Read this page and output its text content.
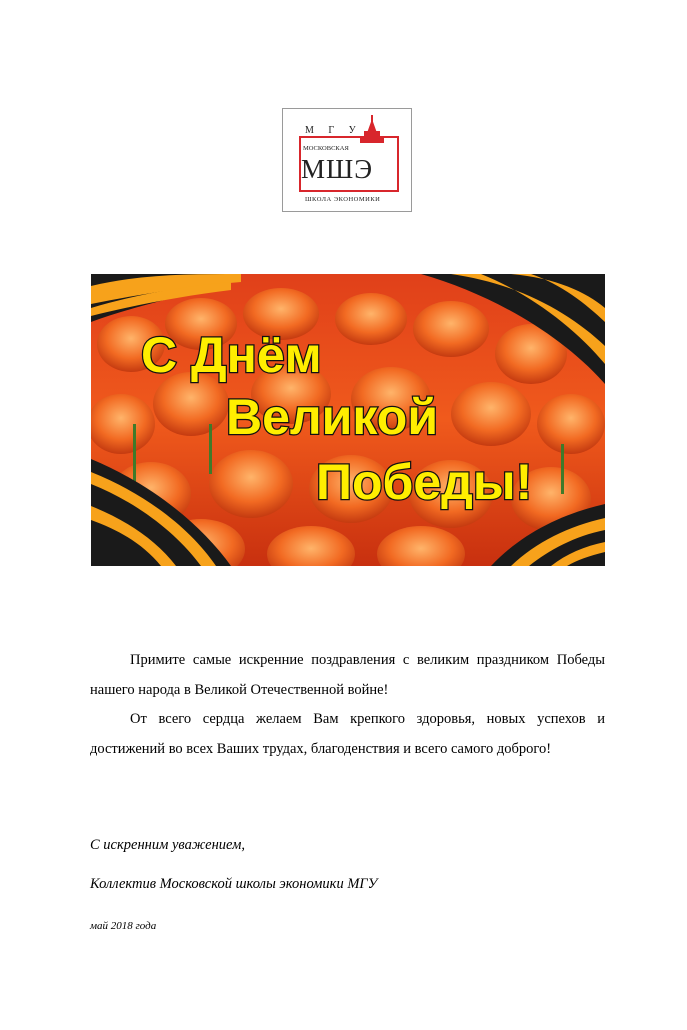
М Г У
МОСКОВСКАЯ
МШЭ
ШКОЛА ЭКОНОМИКИ
С Днём
Великой
Победы!

Примите самые искренние поздравления с великим праздником Победы нашего народа в Великой Отечественной войне!

От всего сердца желаем Вам крепкого здоровья, новых успехов и достижений во всех Ваших трудах, благоденствия и всего самого доброго!

С искренним уважением,
Коллектив Московской школы экономики МГУ
май 2018 года
